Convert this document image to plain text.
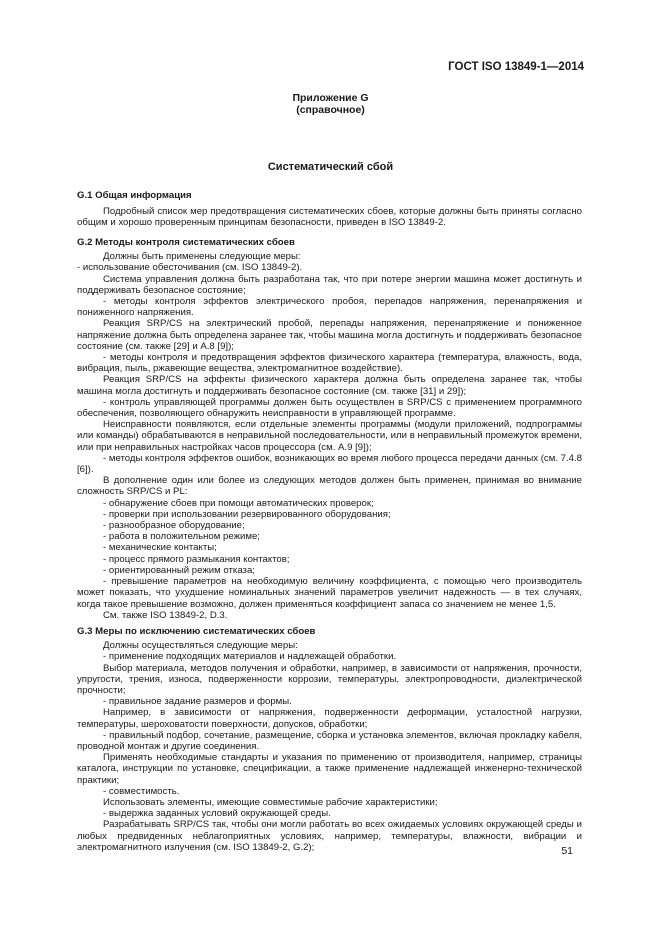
ГОСТ ISO 13849-1—2014
Приложение G
(справочное)
Систематический сбой

G.1 Общая информация

Подробный список мер предотвращения систематических сбоев, которые должны быть приняты согласно общим и хорошо проверенным принципам безопасности, приведен в ISO 13849-2.

G.2 Методы контроля систематических сбоев

Должны быть применены следующие меры:

- использование обесточивания (см. ISO 13849-2).

Система управления должна быть разработана так, что при потере энергии машина может достигнуть и поддерживать безопасное состояние;

- методы контроля эффектов электрического пробоя, перепадов напряжения, перенапряжения и пониженного напряжения.

Реакция SRP/CS на электрический пробой, перепады напряжения, перенапряжение и пониженное напряжение должна быть определена заранее так, чтобы машина могла достигнуть и поддерживать безопасное состояние (см. также [29] и A.8 [9]);

- методы контроля и предотвращения эффектов физического характера (температура, влажность, вода, вибрация, пыль, ржавеющие вещества, электромагнитное воздействие).

Реакция SRP/CS на эффекты физического характера должна быть определена заранее так, чтобы машина могла достигнуть и поддерживать безопасное состояние (см. также [31] и 29]);

- контроль управляющей программы должен быть осуществлен в SRP/CS с применением программного обеспечения, позволяющего обнаружить неисправности в управляющей программе.

Неисправности появляются, если отдельные элементы программы (модули приложений, подпрограммы или команды) обрабатываются в неправильной последовательности, или в неправильный промежуток времени, или при неправильных настройках часов процессора (см. A.9 [9]);

- методы контроля эффектов ошибок, возникающих во время любого процесса передачи данных (см. 7.4.8 [6]).

В дополнение один или более из следующих методов должен быть применен, принимая во внимание сложность SRP/CS и PL:

- обнаружение сбоев при помощи автоматических проверок;

- проверки при использовании резервированного оборудования;

- разнообразное оборудование;

- работа в положительном режиме;

- механические контакты;

- процесс прямого размыкания контактов;

- ориентированный режим отказа;

- превышение параметров на необходимую величину коэффициента, с помощью чего производитель может показать, что ухудшение номинальных значений параметров увеличит надежность — в тех случаях, когда такое превышение возможно, должен применяться коэффициент запаса со значением не менее 1,5.

См. также ISO 13849-2, D.3.

G.3 Меры по исключению систематических сбоев

Должны осуществляться следующие меры:

- применение подходящих материалов и надлежащей обработки.

Выбор материала, методов получения и обработки, например, в зависимости от напряжения, прочности, упругости, трения, износа, подверженности коррозии, температуры, электропроводности, диэлектрической прочности;

- правильное задание размеров и формы.

Например, в зависимости от напряжения, подверженности деформации, усталостной нагрузки, температуры, шероховатости поверхности, допусков, обработки;

- правильный подбор, сочетание, размещение, сборка и установка элементов, включая прокладку кабеля, проводной монтаж и другие соединения.

Применять необходимые стандарты и указания по применению от производителя, например, страницы каталога, инструкции по установке, спецификации, а также применение надлежащей инженерно-технической практики;

- совместимость.

Использовать элементы, имеющие совместимые рабочие характеристики;

- выдержка заданных условий окружающей среды.

Разрабатывать SRP/CS так, чтобы они могли работать во всех ожидаемых условиях окружающей среды и любых предвиденных неблагоприятных условиях, например, температуры, влажности, вибрации и электромагнитного излучения (см. ISO 13849-2, G.2);	51
